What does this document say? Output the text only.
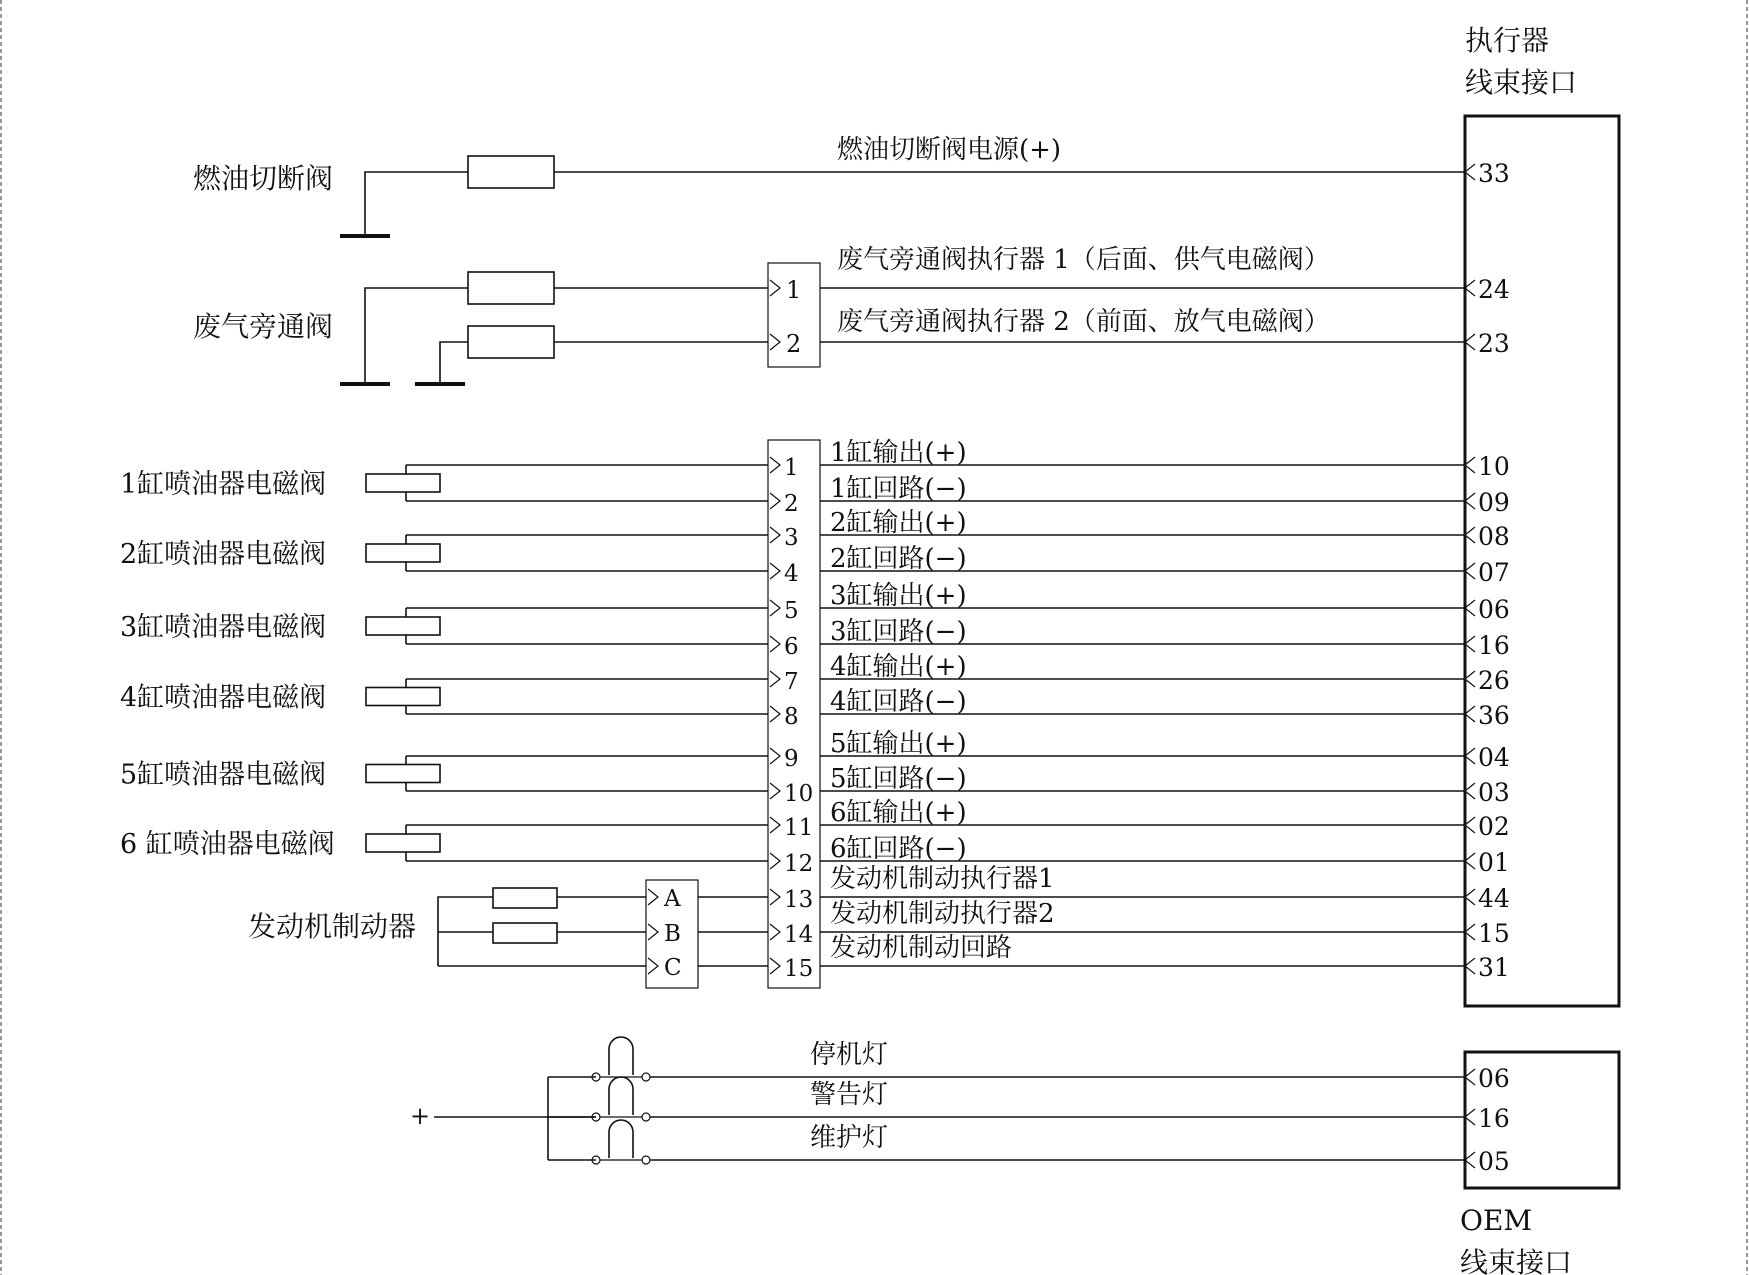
执行器
线束接口
OEM
线束接口
燃油切断阀
燃油切断阀电源(+)
废气旁通阀
废气旁通阀执行器 1（后面、供气电磁阀）
废气旁通阀执行器 2（前面、放气电磁阀）
1缸喷油器电磁阀
2缸喷油器电磁阀
3缸喷油器电磁阀
4缸喷油器电磁阀
5缸喷油器电磁阀
6 缸喷油器电磁阀
1缸输出(+)
1缸回路(−)
2缸输出(+)
2缸回路(−)
3缸输出(+)
3缸回路(−)
4缸输出(+)
4缸回路(−)
5缸输出(+)
5缸回路(−)
6缸输出(+)
6缸回路(−)
发动机制动执行器1
发动机制动执行器2
发动机制动回路
1
2
3
4
5
6
7
8
9
10
11
12
13
14
15
发动机制动器
A
B
C
33
24
23
10
09
08
07
06
16
26
36
04
03
02
01
44
15
31
+
停机灯
警告灯
维护灯
06
16
05
1
2
